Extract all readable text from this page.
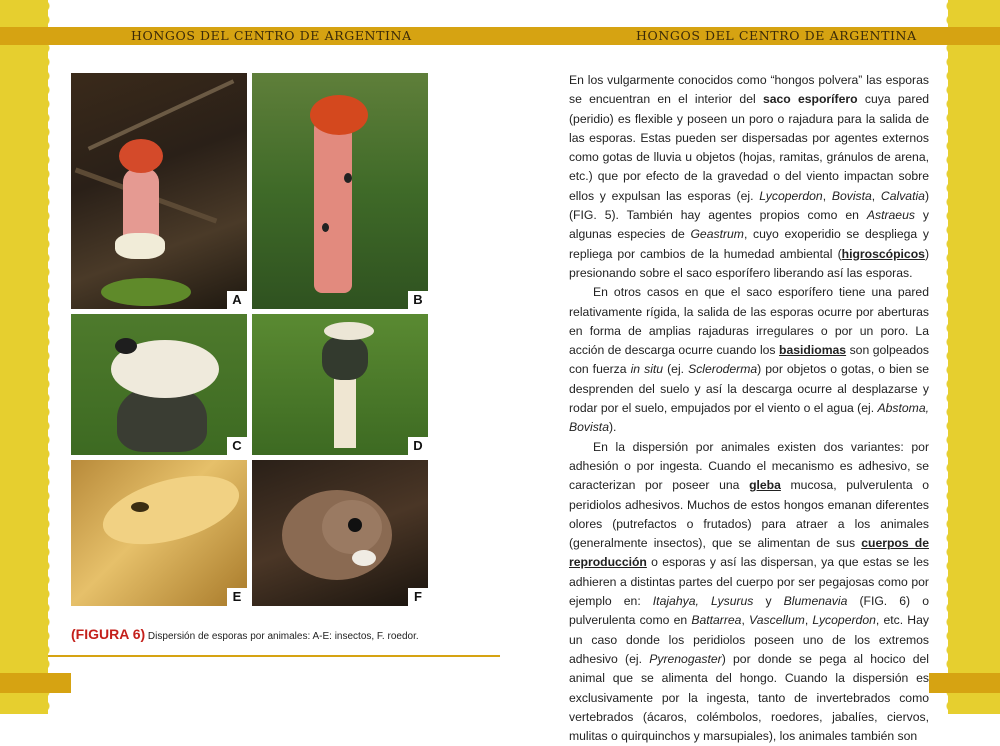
HONGOS DEL CENTRO DE ARGENTINA	HONGOS DEL CENTRO DE ARGENTINA
A	B
C	D
E	F
(FIGURA 6) Dispersión de esporas por animales: A-E: insectos, F. roedor.

En los vulgarmente conocidos como “hongos polvera” las esporas se encuentran en el interior del saco esporífero cuya pared (peridio) es flexible y poseen un poro o rajadura para la salida de las esporas. Estas pueden ser dispersadas por agentes externos como gotas de lluvia u objetos (hojas, ramitas, gránulos de arena, etc.) que por efecto de la gravedad o del viento impactan sobre ellos y expulsan las esporas (ej. Lycoperdon, Bovista, Calvatia) (FIG. 5). También hay agentes propios como en Astraeus y algunas especies de Geastrum, cuyo exoperidio se despliega y repliega por cambios de la humedad ambiental (higroscópicos) presionando sobre el saco esporífero liberando así las esporas.

En otros casos en que el saco esporífero tiene una pared relativamente rígida, la salida de las esporas ocurre por aberturas en forma de amplias rajaduras irregulares o por un poro. La acción de descarga ocurre cuando los basidiomas son golpeados con fuerza in situ (ej. Scleroderma) por objetos o gotas, o bien se desprenden del suelo y así la descarga ocurre al desplazarse y rodar por el suelo, empujados por el viento o el agua (ej. Abstoma, Bovista).

En la dispersión por animales existen dos variantes: por adhesión o por ingesta. Cuando el mecanismo es adhesivo, se caracterizan por poseer una gleba mucosa, pulverulenta o peridiolos adhesivos. Muchos de estos hongos emanan diferentes olores (putrefactos o frutados) para atraer a los animales (generalmente insectos), que se alimentan de sus cuerpos de reproducción o esporas y así las dispersan, ya que estas se les adhieren a distintas partes del cuerpo por ser pegajosas como por ejemplo en: Itajahya, Lysurus y Blumenavia (FIG. 6) o pulverulenta como en Battarrea, Vascellum, Lycoperdon, etc. Hay un caso donde los peridiolos poseen uno de los extremos adhesivo (ej. Pyrenogaster) por donde se pega al hocico del animal que se alimenta del hongo. Cuando la dispersión es exclusivamente por la ingesta, tanto de invertebrados como vertebrados (ácaros, colémbolos, roedores, jabalíes, ciervos, mulitas o quirquinchos y marsupiales), los animales también son
